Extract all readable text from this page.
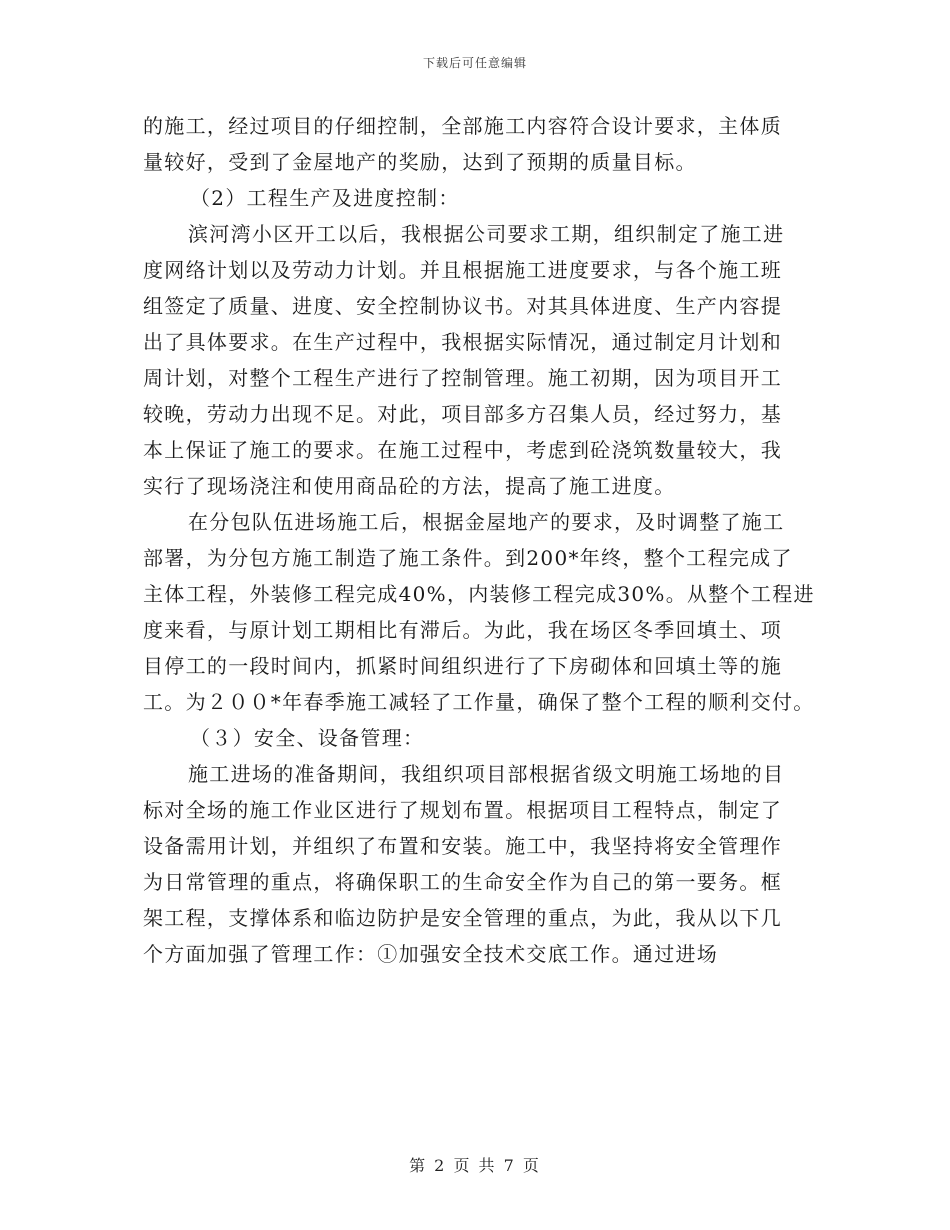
下载后可任意编辑
的施工，经过项目的仔细控制，全部施工内容符合设计要求，主体质
量较好，受到了金屋地产的奖励，达到了预期的质量目标。
（2）工程生产及进度控制：
滨河湾小区开工以后，我根据公司要求工期，组织制定了施工进
度网络计划以及劳动力计划。并且根据施工进度要求，与各个施工班
组签定了质量、进度、安全控制协议书。对其具体进度、生产内容提
出了具体要求。在生产过程中，我根据实际情况，通过制定月计划和
周计划，对整个工程生产进行了控制管理。施工初期，因为项目开工
较晚，劳动力出现不足。对此，项目部多方召集人员，经过努力，基
本上保证了施工的要求。在施工过程中，考虑到砼浇筑数量较大，我
实行了现场浇注和使用商品砼的方法，提高了施工进度。
在分包队伍进场施工后，根据金屋地产的要求，及时调整了施工
部署，为分包方施工制造了施工条件。到200*年终，整个工程完成了
主体工程，外装修工程完成40%，内装修工程完成30%。从整个工程进
度来看，与原计划工期相比有滞后。为此，我在场区冬季回填土、项
目停工的一段时间内，抓紧时间组织进行了下房砌体和回填土等的施
工。为２００*年春季施工减轻了工作量，确保了整个工程的顺利交付。
（３）安全、设备管理：
施工进场的准备期间，我组织项目部根据省级文明施工场地的目
标对全场的施工作业区进行了规划布置。根据项目工程特点，制定了
设备需用计划，并组织了布置和安装。施工中，我坚持将安全管理作
为日常管理的重点，将确保职工的生命安全作为自己的第一要务。框
架工程，支撑体系和临边防护是安全管理的重点，为此，我从以下几
个方面加强了管理工作：①加强安全技术交底工作。通过进场
第 2 页 共 7 页
